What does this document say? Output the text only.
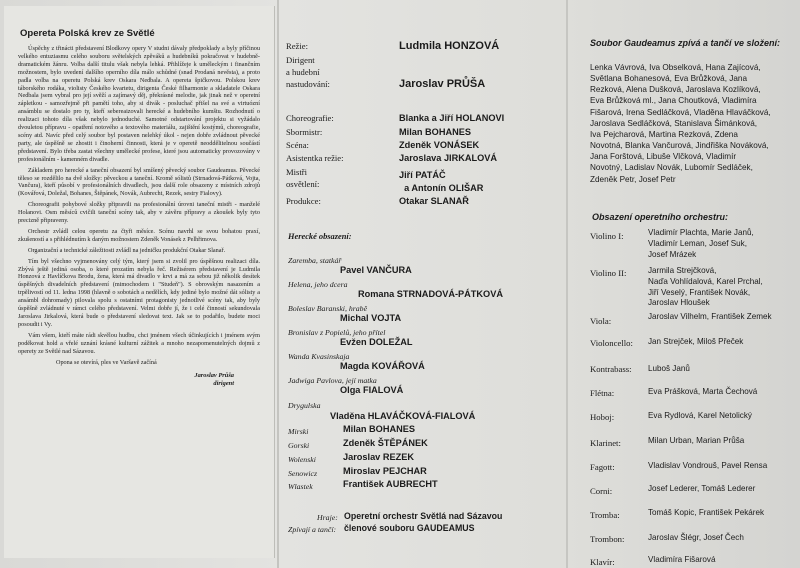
Opereta Polská krev ze Světlé
Úspěchy z třinácti představení Blodkovy opery V studni dávaly předpoklady a byly příčinou velkého entuziasmu celého souboru světelských zpěváků a hudebníků pokračovat v hudebně-dramatickém žánru. Volba další titulu však nebyla lehká. Přihlížeje k uměleckým i finančním možnostem, bylo uvedení dalšího operního díla málo schůdné (snad Prodaná nevěsta), a proto padla volba na operetu Polská krev Oskara Nedbala. A opereta špičkovou. Polskou krev táborského rodáka, violisty Českého kvartetu, dirigenta České filharmonie a skladatele Oskara Nedbala jsem vybral pro její svěží a zajímavý děj, překrásné melodie, jak jinak než v operetní zápletkou - samozřejmě při pamětí toho, aby si divák - posluchač přišel na své a virtuózní ansámblu se dostalo pro ty, kteří sebereaizovali herecké a hudebního kumštu. Rozhodnutí o realizaci tohoto díla však nebylo jednoduché. Samotné odstartování projektu si vyžádalo dvouletou přípravu - opatření notového a textového materiálu, zajištění kostýmů, choreografie, scény atd. Navíc před celý soubor byl postaven nelehký úkol - nejen dobře zvládnout pěvecké party, ale úspěšně se zhostit i činoherní činnosti, která je v operetě neoddělitelnou součástí představení. Bylo třeba zastat všechny umělecké profese, které jsou automaticky provozovány v profesionálním - kamenném divadle.
Základem pro herecké a taneční obsazení byl smíšený pěvecký soubor Gaudeamus. Pěvecké těleso se rozdělilo na dvě složky: pěveckou a taneční. Kromě sólistů (Strnadová-Pátková, Vojta, Vančura), kteří působí v profesionálních divadlech, jsou další role obsazeny z místních zdrojů (Kovářová, Doležal, Bohanes, Štěpánek, Novák, Aubrecht, Rezek, sestry Fialovy).
Choreografii pohybové složky připravili na profesionální úrovni taneční mistři - manželé Holanovi. Osm měsíců cvičili taneční scény tak, aby v závěru přípravy a zkoušek byly tyto precizně připraveny.
Orchestr zvládl celou operetu za čtyři měsíce. Scénu navrhl se svou bohatou praxí, zkušeností a s přihlédnutím k daným možnostem Zdeněk Vonásek z Pelhřimova.
Organizační a technické záležitosti zvládl na jedničku produkční Otakar Slanař.
Tím byl všechno vyjmenovány celý tým, který jsem si zvolil pro úspěšnou realizaci díla. Zbývá ještě jediná osoba, o které prozatím nebyla řeč. Režisérem představení je Ludmila Honzová z Havlíčkova Brodu, žena, která má divadlo v krvi a má za sebou již několik desítek úspěšných divadelních představení (mimochodem i "Studeň"). S obrovským nasazením a trpělivostí od 11. ledna 1998 (hlavně o sobotách a nedělích, kdy jediné bylo možné dát sólisty a ansámbl dohromady) pilovala spolu s ostatními protagonisty jednotlivé scény tak, aby byly úspěšně zvládnuté v rámci celého představení. Velmi dobře jí, že i celé činností sekundovala Jaroslava Jirkalová, která bude o představení sledovat text. Jak se to podařilo, budete moci posoudit i Vy.
Vám všem, kteří máte rádi skvělou hudbu, chci jménem všech účinkujících i jménem svým poděkovat hold a vřelé uznání krásné kulturní zážitek a mnoho nezapomenutelných dojmů z operety ze Světlé nad Sázavou.
Opona se otevírá, ples ve Varšavě začíná
Jaroslav Průša
dirigent
Režie:	Ludmila HONZOVÁ
Dirigent
a hudební
nastudování:	Jaroslav PRŮŠA
Choreografie:	Blanka a Jiří HOLANOVI
Sbormistr:	Milan BOHANES
Scéna:	Zdeněk VONÁSEK
Asistentka režie:	Jaroslava JIRKALOVÁ
Mistři
osvětlení:
Jiří PATÁČ
a Antonín OLIŠAR
Produkce:	Otakar SLANAŘ
Herecké obsazení:
Zaremba, statkář
Pavel VANČURA
Helena, jeho dcera
Romana STRNADOVÁ-PÁTKOVÁ
Boleslav Baranski, hrabě
Michal VOJTA
Bronislav z Popielů, jeho přítel
Evžen DOLEŽAL
Wanda Kvasinskaja
Magda KOVÁŘOVÁ
Jadwiga Pavlova, její matka
Olga FIALOVÁ
Drygulska
Vladěna HLAVÁČKOVÁ-FIALOVÁ
Mirski	Milan BOHANES
Gorski	Zdeněk ŠTĚPÁNEK
Wolenski	Jaroslav REZEK
Senowicz	Miroslav PEJCHAR
Wlastek	František AUBRECHT
Hraje: Operetní orchestr Světlá nad Sázavou
Zpívají a tančí: členové souboru GAUDEAMUS
Soubor Gaudeamus zpívá a tančí ve složení:
Lenka Vávrová, Iva Obselková, Hana Zajícová,
Světlana Bohanesová, Eva Brůžková, Jana
Rezková, Alena Dušková, Jaroslava Kozlíková,
Eva Brůžková ml., Jana Choutková, Vladimíra
Fišarová, Irena Sedláčková, Vladěna Hlaváčková,
Jaroslava Sedláčková, Stanislava Šimánková,
Iva Pejcharová, Martina Rezková, Zdena
Novotná, Blanka Vančurová, Jindřiška Nováková,
Jana Forštová, Libuše Vlčková, Vladimír
Novotný, Ladislav Novák, Lubomír Sedláček,
Zdeněk Petr, Josef Petr
Obsazení operetního orchestru:
Violino I:	Vladimír Plachta, Marie Janů,
Vladimír Leman, Josef Suk,
Josef Mrázek
Violino II:	Jarmila Strejčková,
Naďa Vohlídalová, Karel Prchal,
Jiří Veselý, František Novák,
Jaroslav Hloušek
Viola:	Jaroslav Vilhelm, František Zemek
Violoncello: Jan Strejček, Miloš Přeček
Kontrabass: Luboš Janů
Flétna:	Eva Prášková, Marta Čechová
Hoboj:	Eva Rydlová, Karel Netolický
Klarinet:	Milan Urban, Marian Průša
Fagott:	Vladislav Vondrouš, Pavel Rensa
Corni:	Josef Lederer, Tomáš Lederer
Tromba:	Tomáš Kopic, František Pekárek
Trombon:	Jaroslav Šlégr, Josef Čech
Klavír:	Vladimíra Fišarová
